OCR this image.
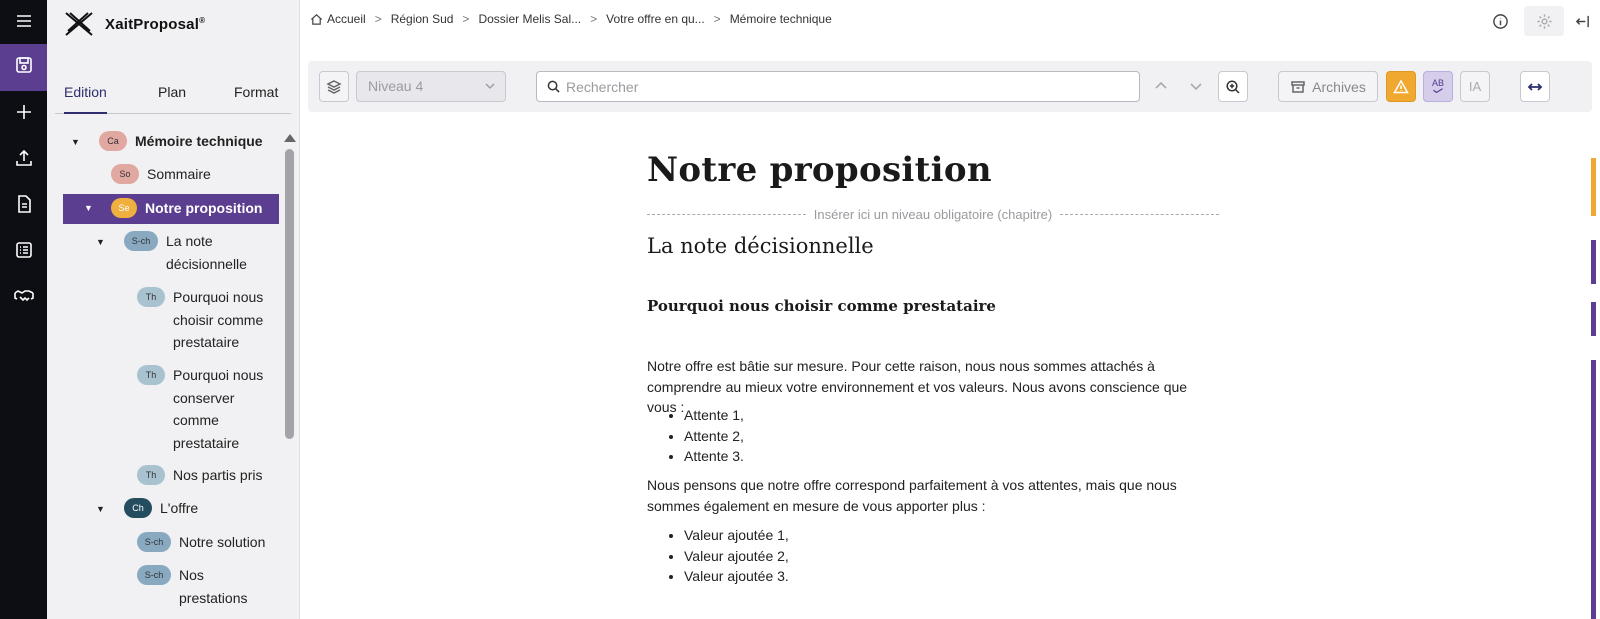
XaitProposal®
Edition	Plan	Format
▼	Ca	Mémoire technique
So	Sommaire
▼	Se	Notre proposition
▼	S-ch	La note
décisionnelle
Th	Pourquoi nous
choisir comme
prestataire
Th	Pourquoi nous
conserver
comme
prestataire
Th	Nos partis pris
▼	Ch	L'offre
S-ch	Notre solution
S-ch	Nos
prestations
Accueil > Région Sud > Dossier Melis Sal... > Votre offre en qu... > Mémoire technique
Niveau 4
Rechercher	Archives	AB IA
Notre proposition
Insérer ici un niveau obligatoire (chapitre)
La note décisionnelle
Pourquoi nous choisir comme prestataire
Notre offre est bâtie sur mesure. Pour cette raison, nous nous sommes attachés à
comprendre au mieux votre environnement et vos valeurs. Nous avons conscience que vous :
• Attente 1,
• Attente 2,
• Attente 3.
Nous pensons que notre offre correspond parfaitement à vos attentes, mais que nous
sommes également en mesure de vous apporter plus :
• Valeur ajoutée 1,
• Valeur ajoutée 2,
• Valeur ajoutée 3.
